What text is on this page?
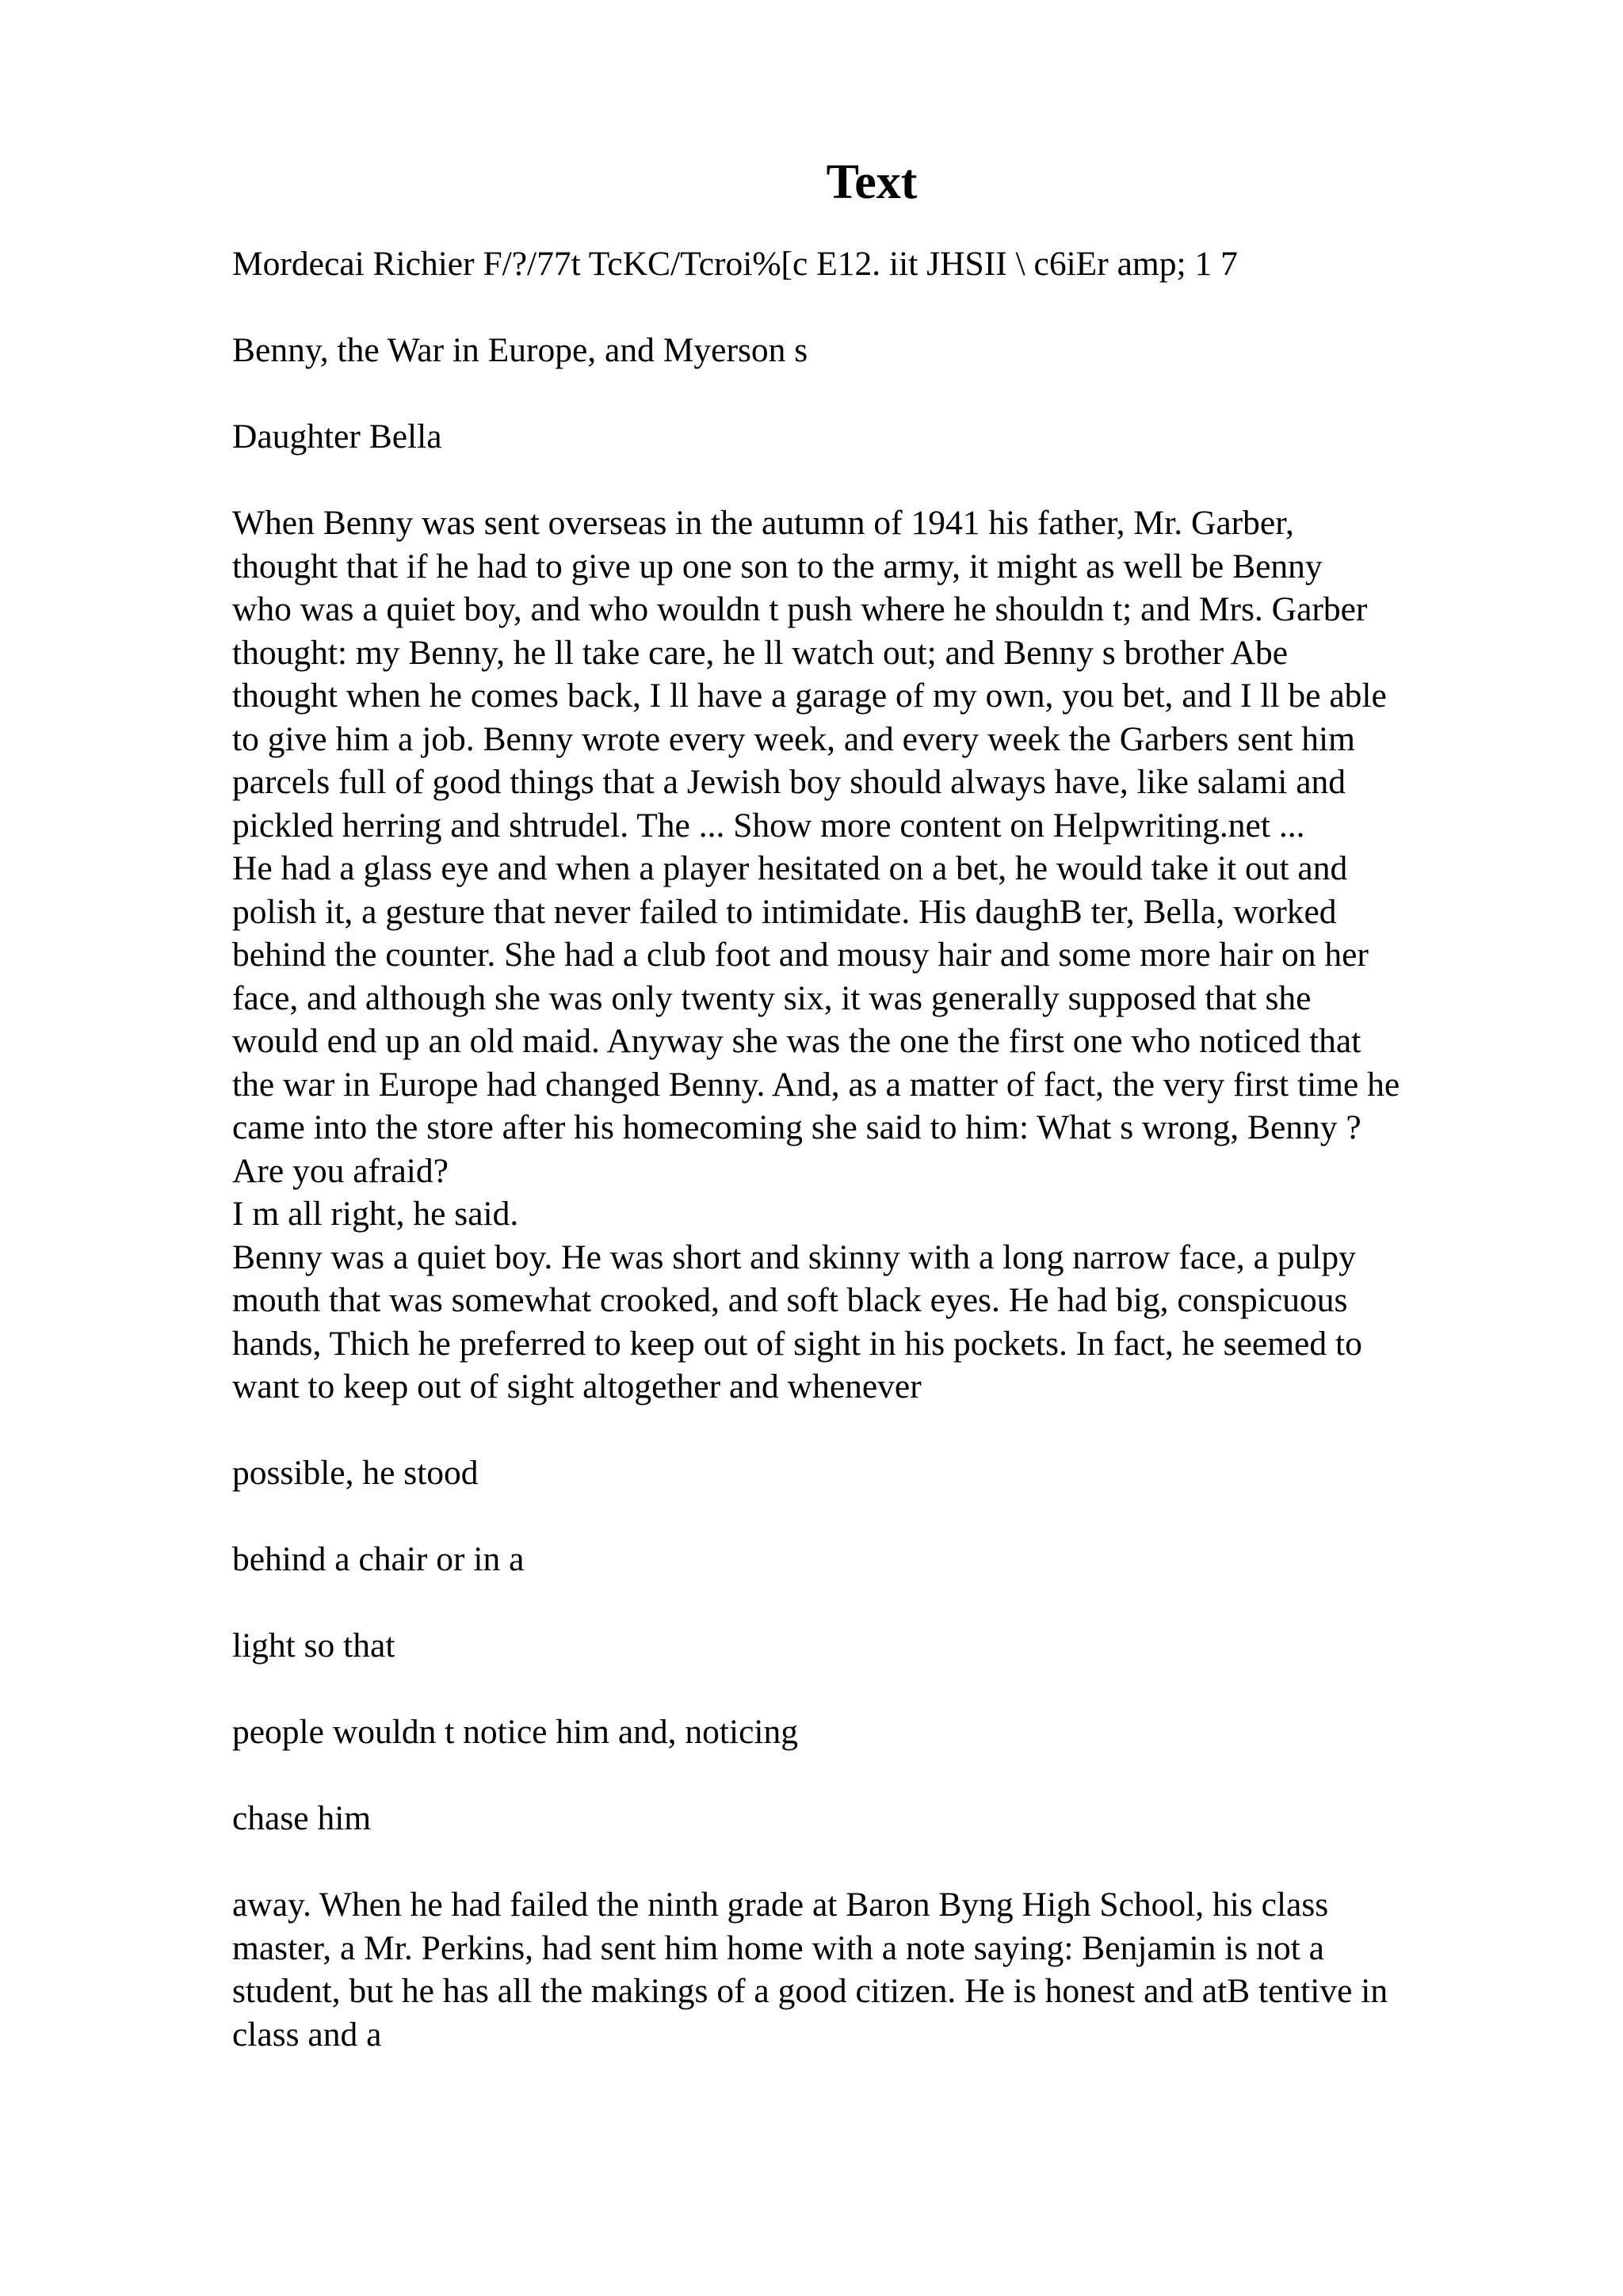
Text

Mordecai Richier F/?/77t TcKC/Tcroi%[c E12. iit JHSII \ c6iEr amp; 1 7

Benny, the War in Europe, and Myerson s

Daughter Bella

When Benny was sent overseas in the autumn of 1941 his father, Mr. Garber,
thought that if he had to give up one son to the army, it might as well be Benny
who was a quiet boy, and who wouldn t push where he shouldn t; and Mrs. Garber
thought: my Benny, he ll take care, he ll watch out; and Benny s brother Abe
thought when he comes back, I ll have a garage of my own, you bet, and I ll be able
to give him a job. Benny wrote every week, and every week the Garbers sent him
parcels full of good things that a Jewish boy should always have, like salami and
pickled herring and shtrudel. The ... Show more content on Helpwriting.net ...
He had a glass eye and when a player hesitated on a bet, he would take it out and
polish it, a gesture that never failed to intimidate. His daughB ter, Bella, worked
behind the counter. She had a club foot and mousy hair and some more hair on her
face, and although she was only twenty six, it was generally supposed that she
would end up an old maid. Anyway she was the one the first one who noticed that
the war in Europe had changed Benny. And, as a matter of fact, the very first time he
came into the store after his homecoming she said to him: What s wrong, Benny ?
Are you afraid?
I m all right, he said.
Benny was a quiet boy. He was short and skinny with a long narrow face, a pulpy
mouth that was somewhat crooked, and soft black eyes. He had big, conspicuous
hands, Thich he preferred to keep out of sight in his pockets. In fact, he seemed to
want to keep out of sight altogether and whenever

possible, he stood

behind a chair or in a

light so that

people wouldn t notice him and, noticing

chase him

away. When he had failed the ninth grade at Baron Byng High School, his class
master, a Mr. Perkins, had sent him home with a note saying: Benjamin is not a
student, but he has all the makings of a good citizen. He is honest and atB tentive in
class and a
